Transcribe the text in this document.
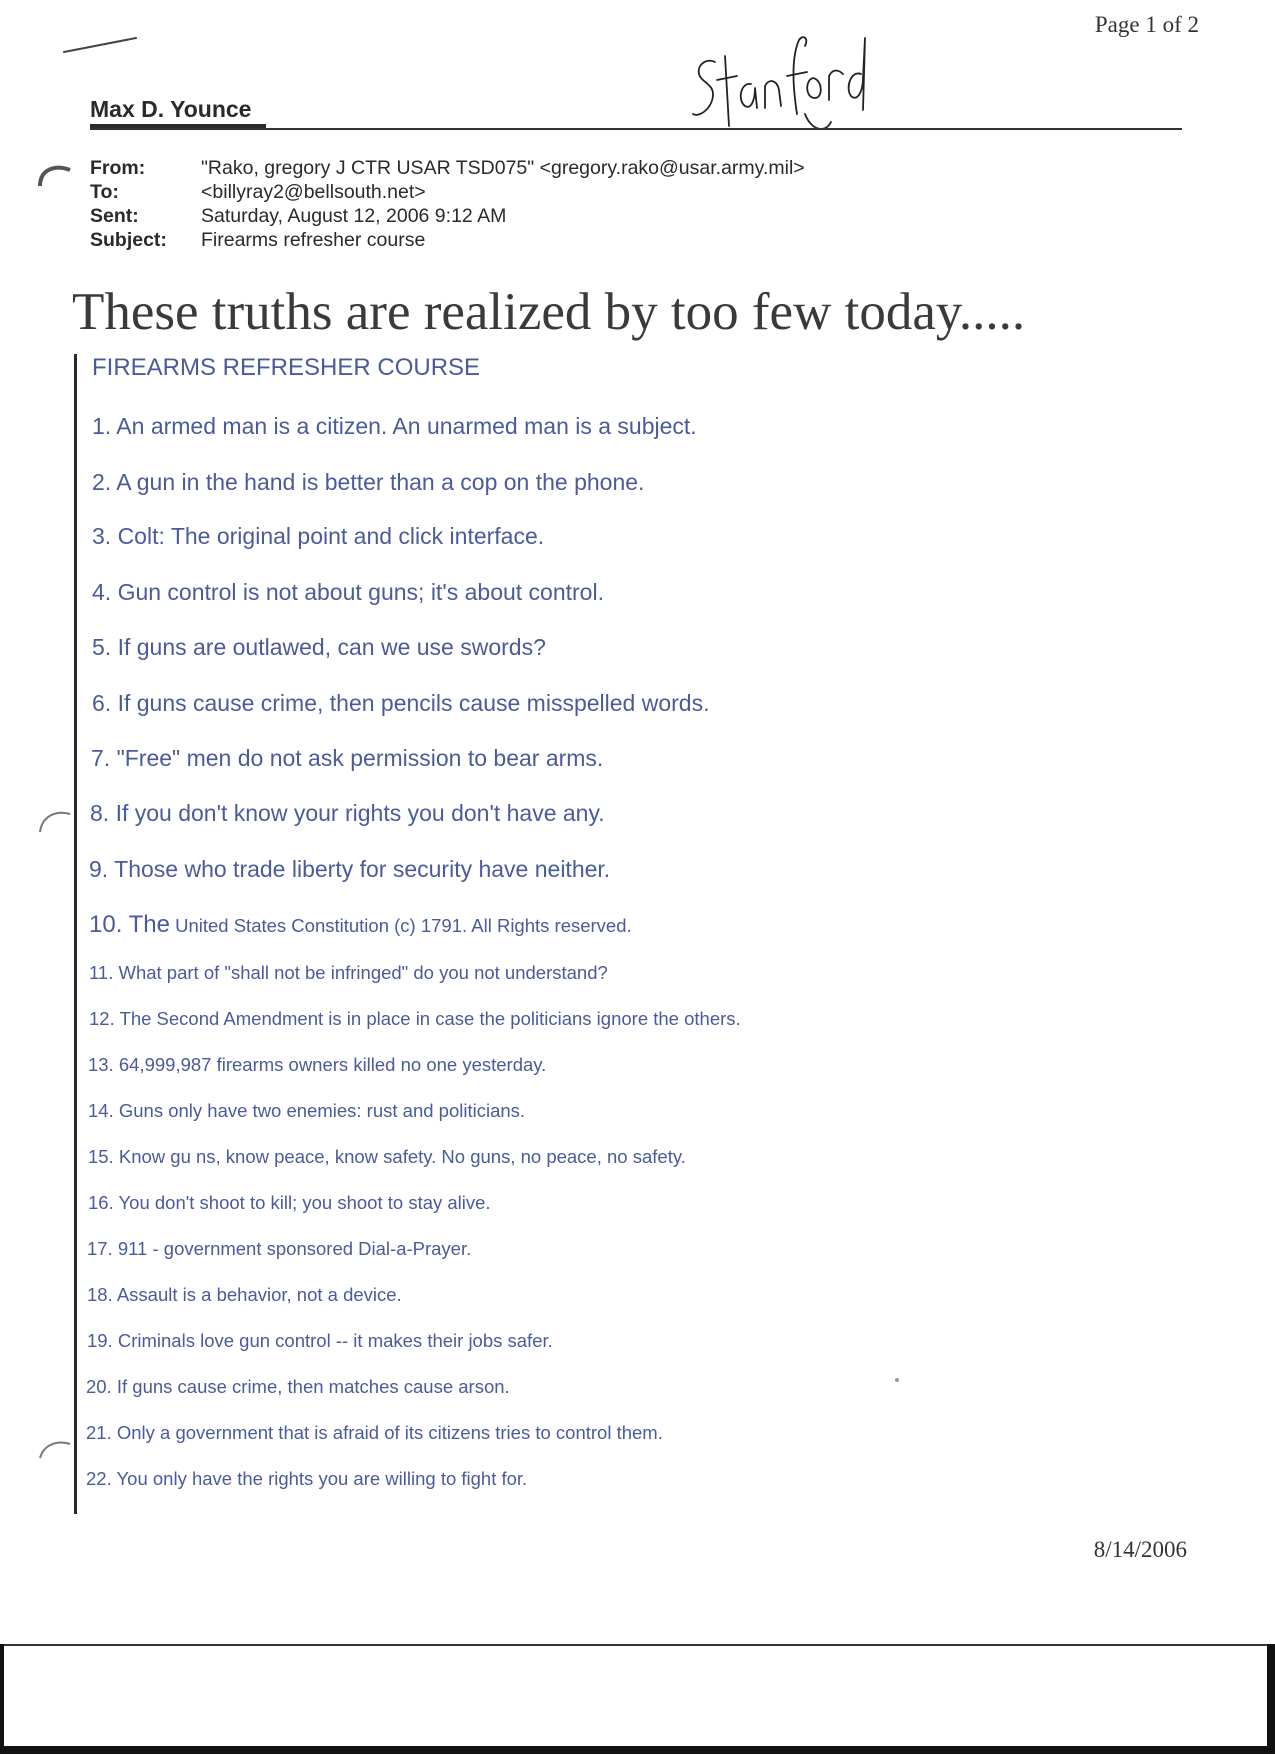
Page 1 of 2
Max D. Younce
From:	"Rako, gregory J CTR USAR TSD075" <gregory.rako@usar.army.mil>
To:	<billyray2@bellsouth.net>
Sent:	Saturday, August 12, 2006 9:12 AM
Subject:	Firearms refresher course
These truths are realized by too few today.....
FIREARMS REFRESHER COURSE
1. An armed man is a citizen. An unarmed man is a subject.
2. A gun in the hand is better than a cop on the phone.
3. Colt: The original point and click interface.
4. Gun control is not about guns; it's about control.
5. If guns are outlawed, can we use swords?
6. If guns cause crime, then pencils cause misspelled words.
7. "Free" men do not ask permission to bear arms.
8. If you don't know your rights you don't have any.
9. Those who trade liberty for security have neither.
10. The United States Constitution (c) 1791. All Rights reserved.
11. What part of "shall not be infringed" do you not understand?
12. The Second Amendment is in place in case the politicians ignore the others.
13. 64,999,987 firearms owners killed no one yesterday.
14. Guns only have two enemies: rust and politicians.
15. Know gu ns, know peace, know safety. No guns, no peace, no safety.
16. You don't shoot to kill; you shoot to stay alive.
17. 911 - government sponsored Dial-a-Prayer.
18. Assault is a behavior, not a device.
19. Criminals love gun control -- it makes their jobs safer.
20. If guns cause crime, then matches cause arson.
21. Only a government that is afraid of its citizens tries to control them.
22. You only have the rights you are willing to fight for.
8/14/2006
